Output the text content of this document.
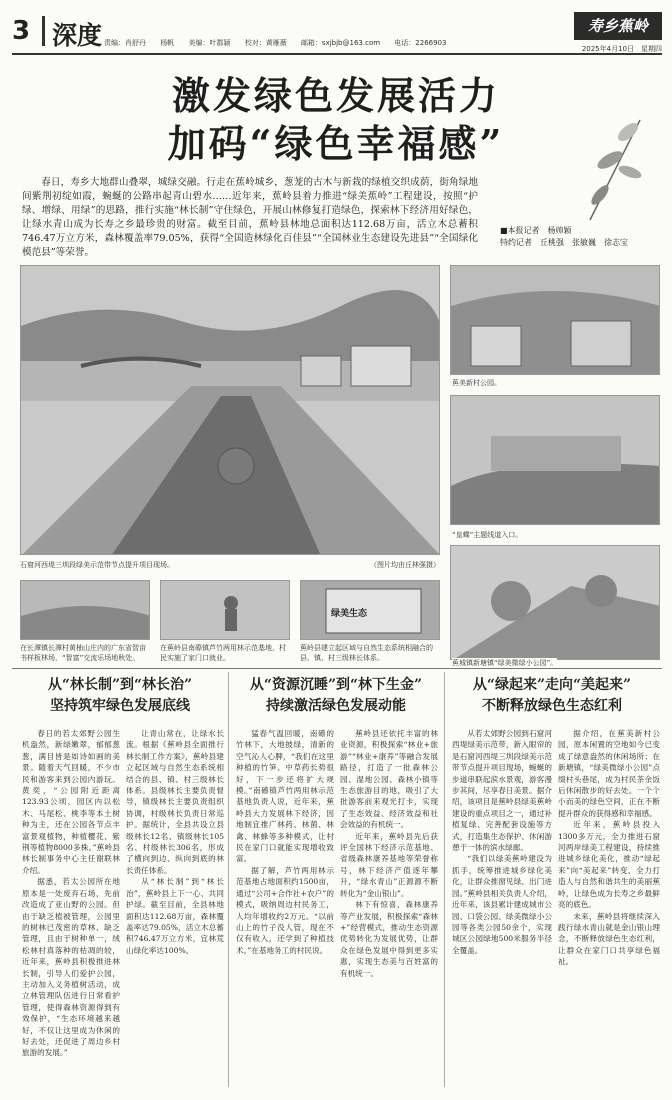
3 深度 责编：肖舒丹 杨帆 美编：叶郡颖 校对：黄雁薇 邮箱：sxjbjb@163.com 电话：2266903
寿乡蕉岭
2025年4月10日　星期四
激发绿色发展活力
加码“绿色幸福感”
春日，寿乡大地群山叠翠，城绿交融。行走在蕉岭城乡，葱茏的古木与新栽的绿植交织成荫，街角绿地间紫荆初绽如霞，蜿蜒的公路串起青山碧水……近年来，蕉岭县着力推进“绿美蕉岭”工程建设，按照“护绿、增绿、用绿”的思路，推行实施“林长制”守住绿色，开展山林修复打造绿色，探索林下经济用好绿色，让绿水青山成为长寿之乡最珍贵的财富。截至目前，蕉岭县林地总面积达112.68万亩，活立木总蓄积746.47万立方米，森林覆盖率79.05%，获得“全国造林绿化百佳县”“全国林业生态建设先进县”“全国绿化模范县”等荣誉。
■本报记者　杨帅颖
特约记者　丘桃强　张敏巍　徐志宝
石窟河西堤三圳段绿美示范带节点提升项目现场。	（图片均由丘林强摄）
蕉美新村公园。
“皇蝶”主题线道入口。
蕉城镇新塘镇“绿美微绿小公园”。
在长潭镇长潭村黄柚山庄内的广东省智亩书样板林场，“智富”交流乐场地秋处。
在蕉岭县南磜镇芦竹两用林示范基地，村民实施了家门口就业。
绿美生态
蕉岭县建立起区域与自然生态系统相融合的县、镇、村三级林长体系。
从“林长制”到“林长治”
坚持筑牢绿色发展底线
从“资源沉睡”到“林下生金”
持续激活绿色发展动能
从“绿起来”走向“美起来”
不断释放绿色生态红利

春日的若太郊野公园生机盎然，新绿嫩翠，郁郁葱葱，满目皆是如诗如画的美景。随着天气回暖，不少市民和游客来到公园内游玩。黄奕，“公园附近距离123.93公顷，园区内以松木、马尾松、桃李等本土树种为主，还在公园各节点丰富景观植物，种植樱花、紫荆等植物8000多株。”蕉岭县林长制事务中心主任谢联林介绍。

据悉，若太公园所在地原本是一处废弃石场，先前改造成了亚山野的公园。但由于缺乏植被管理，公园里的树林已茂密的草林、缺乏管理，且由于树种单一，绒松林村真落种的枯凋的较，近年来，蕉岭县积极推进林长制，引导人们爱护公园，主动加入义务植树活动，成立林管理队伍进行日常看护管理，使得森林资源得到有效保护，“生态环境越来越好，不仅让这里成为休闲的好去处，还促进了周边乡村旅游的发展。”

让青山常在，让绿水长流。根据《蕉岭县全面推行林长制工作方案》，蕉岭县建立起区域与自然生态系统相结合的县、镇、村三级林长体系。县级林长主要负责督导，镇级林长主要负责组织协调，村级林长负责日常巡护。据统计，全县共设立县级林长12名、镇级林长105名、村级林长306名，形成了横向到边、纵向到底的林长责任体系。

从“林长制”到“林长治”，蕉岭县上下一心、共同护绿。截至目前，全县林地面积达112.68万亩，森林覆盖率达79.05%，活立木总蓄积746.47万立方米，宜林荒山绿化率达100%。

猛春气温回暖，南礤的竹林下，大地披绿，清新的空气沁人心脾，“我们在这里种植的竹笋、中草药长势很好，下一步还将扩大规模。”南礤镇芦竹两用林示范基地负责人说，近年来，蕉岭县大力发展林下经济，因地制宜推广林药、林菌、林禽、林蜂等多种模式，让村民在家门口就能实现增收致富。

据了解，芦竹两用林示范基地占地面积约1500亩，通过“公司+合作社+农户”的模式，吸纳周边村民务工，人均年增收约2万元。“以前山上的竹子没人管，现在不仅有收入，还学到了种植技术。”在基地务工的村民说。

蕉岭县还依托丰富的林业资源，积极探索“林业+旅游”“林业+康养”等融合发展路径，打造了一批森林公园、湿地公园、森林小镇等生态旅游目的地，吸引了大批游客前来观光打卡，实现了生态效益、经济效益和社会效益的有机统一。

近年来，蕉岭县先后获评全国林下经济示范基地、省级森林康养基地等荣誉称号，林下经济产值逐年攀升，“绿水青山”正源源不断转化为“金山银山”。

林下有惊喜，森林康养等产业发展，积极探索“森林+”经营模式，推动生态资源优势转化为发展优势，让群众在绿色发展中得到更多实惠，实现生态美与百姓富的有机统一。

从若太郊野公园到石窟河西堤绿美示范带，新入眼帘的是石窟河西堤三圳段绿美示范带节点提升项目现场，蜿蜒的步道串联起滨水景观，游客漫步其间，尽享春日美景。据介绍，该项目是蕉岭县绿美蕉岭建设的重点项目之一，通过补植复绿、完善配套设施等方式，打造集生态保护、休闲游憩于一体的滨水绿廊。

“我们以绿美蕉岭建设为抓手，统筹推进城乡绿化美化，让群众推窗见绿、出门进园。”蕉岭县相关负责人介绍，近年来，该县累计建成城市公园、口袋公园、绿美微绿小公园等各类公园50余个，实现城区公园绿地500米服务半径全覆盖。

据介绍，在蕉美新村公园，原本闲置的空地如今已变成了绿意盎然的休闲场所；在新塘镇，“绿美微绿小公园”点缀村头巷尾，成为村民茶余饭后休闲散步的好去处。一个个小而美的绿色空间，正在不断提升群众的获得感和幸福感。

近年来，蕉岭县投入1300多万元，全力推进石窟河两岸绿美工程建设，持续推进城乡绿化美化，推动“绿起来”向“美起来”转变，全力打造人与自然和谐共生的美丽蕉岭，让绿色成为长寿之乡最鲜亮的底色。

未来，蕉岭县将继续深入践行绿水青山就是金山银山理念，不断释放绿色生态红利，让群众在家门口共享绿色福祉。
